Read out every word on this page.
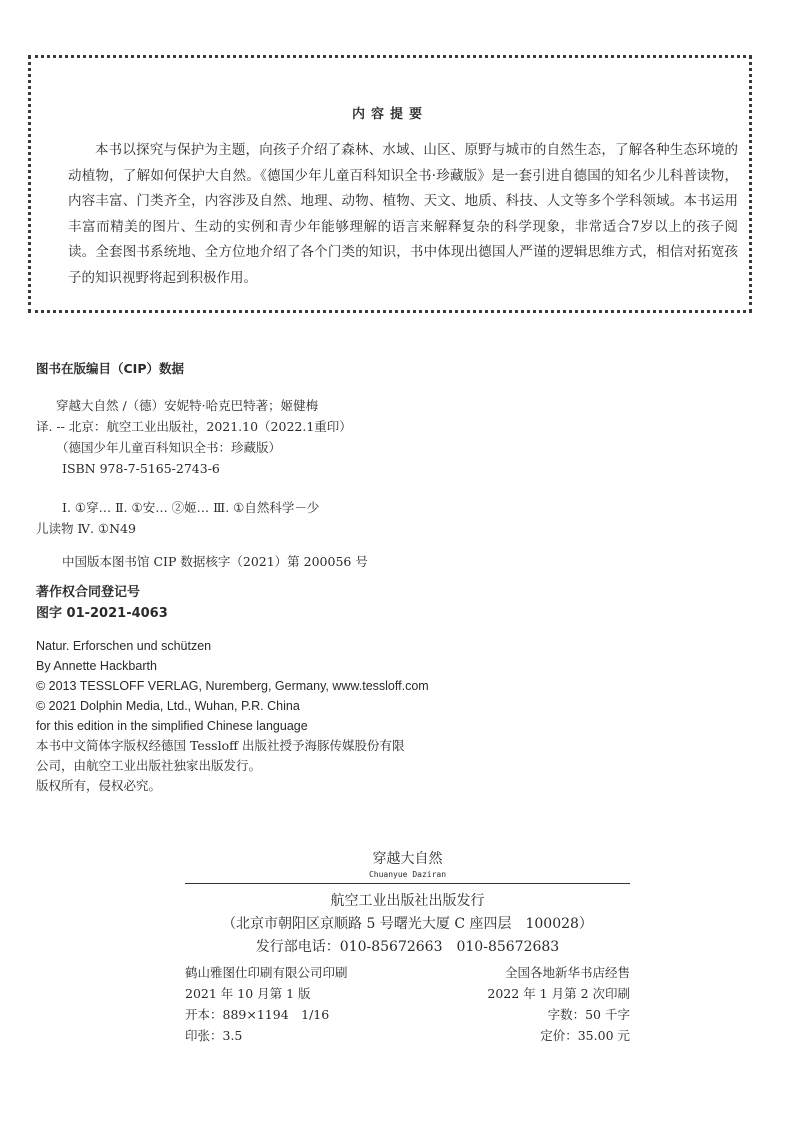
内容提要

本书以探究与保护为主题，向孩子介绍了森林、水域、山区、原野与城市的自然生态，了解各种生态环境的动植物，了解如何保护大自然。《德国少年儿童百科知识全书·珍藏版》是一套引进自德国的知名少儿科普读物，内容丰富、门类齐全，内容涉及自然、地理、动物、植物、天文、地质、科技、人文等多个学科领域。本书运用丰富而精美的图片、生动的实例和青少年能够理解的语言来解释复杂的科学现象，非常适合7岁以上的孩子阅读。全套图书系统地、全方位地介绍了各个门类的知识，书中体现出德国人严谨的逻辑思维方式，相信对拓宽孩子的知识视野将起到积极作用。

图书在版编目（CIP）数据

穿越大自然 /（德）安妮特·哈克巴特著；姬健梅

译. -- 北京：航空工业出版社，2021.10（2022.1重印）

（德国少年儿童百科知识全书：珍藏版）

ISBN 978-7-5165-2743-6

Ⅰ. ①穿… Ⅱ. ①安… ②姬… Ⅲ. ①自然科学－少

儿读物 Ⅳ. ①N49

中国版本图书馆 CIP 数据核字（2021）第 200056 号

著作权合同登记号

图字 01-2021-4063

Natur. Erforschen und schützen

By Annette Hackbarth

© 2013 TESSLOFF VERLAG, Nuremberg, Germany, www.tessloff.com

© 2021 Dolphin Media, Ltd., Wuhan, P.R. China

for this edition in the simplified Chinese language

本书中文简体字版权经德国 Tessloff 出版社授予海豚传媒股份有限

公司，由航空工业出版社独家出版发行。

版权所有，侵权必究。

穿越大自然

Chuanyue Daziran

航空工业出版社出版发行

（北京市朝阳区京顺路 5 号曙光大厦 C 座四层　100028）

发行部电话：010-85672663　010-85672683

鹤山雅图仕印刷有限公司印刷	全国各地新华书店经售
2021 年 10 月第 1 版	2022 年 1 月第 2 次印刷
开本：889×1194　1/16	字数：50 千字
印张：3.5	定价：35.00 元
